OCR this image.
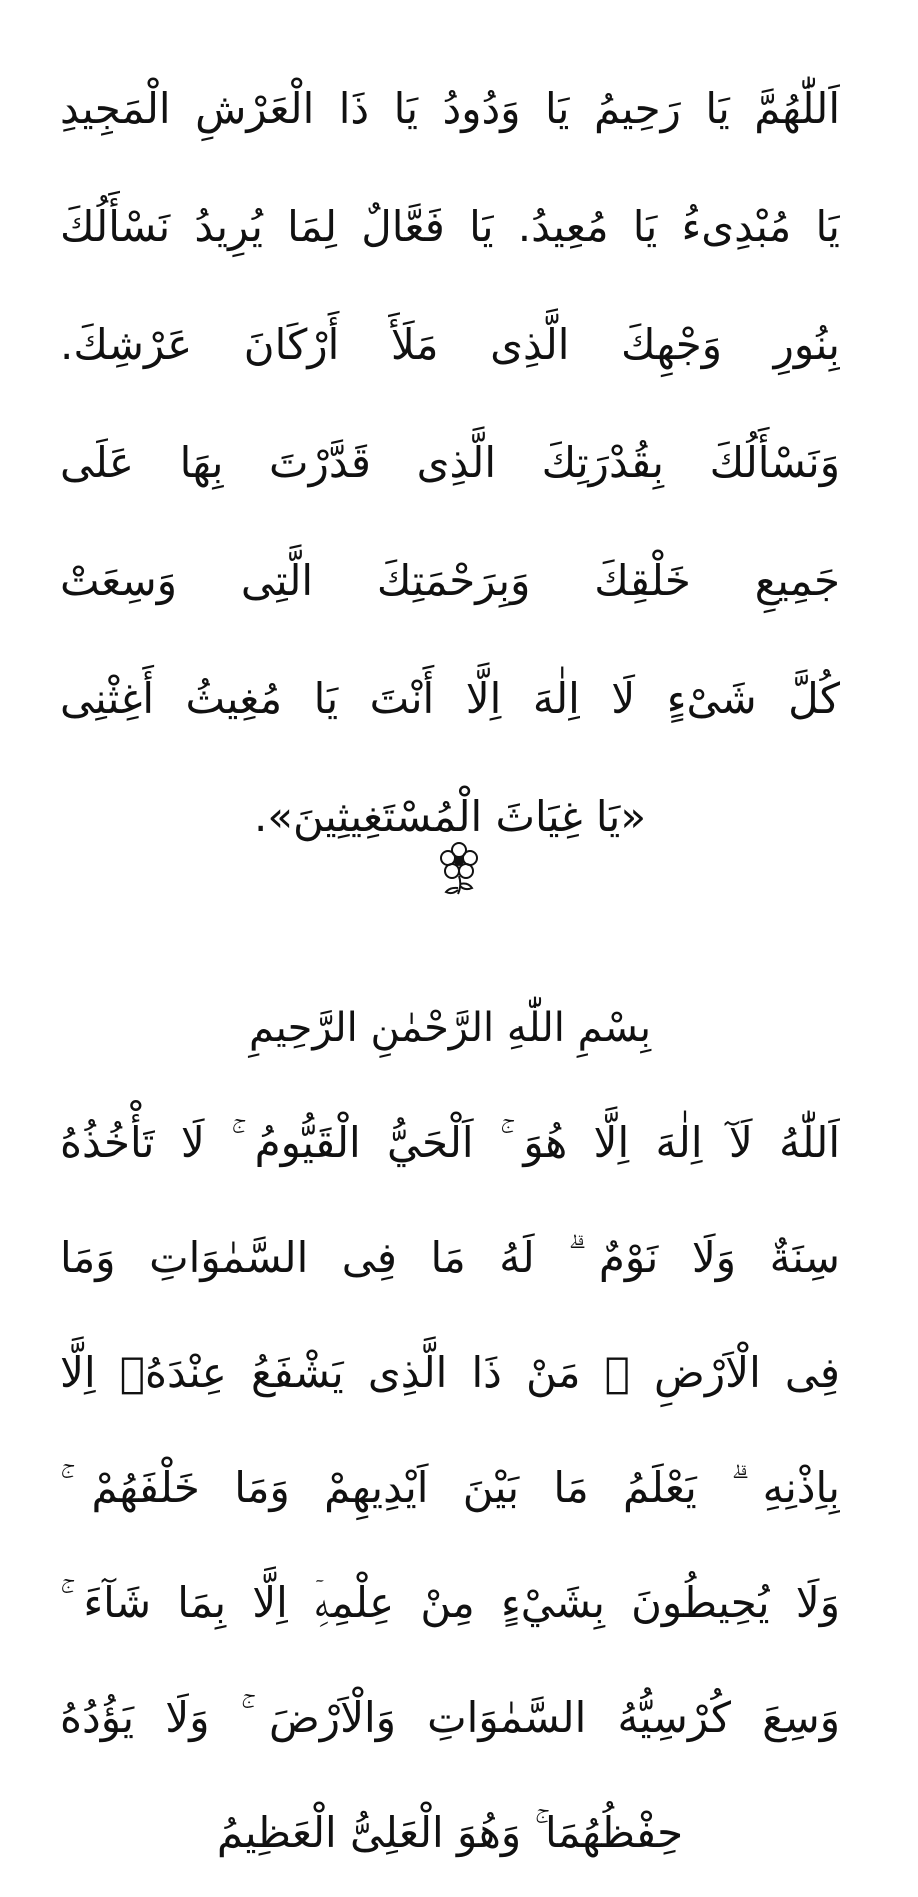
اَللّٰهُمَّ يَا رَحِيمُ يَا وَدُودُ يَا ذَا الْعَرْشِ الْمَجِيدِ
يَا مُبْدِىءُ يَا مُعِيدُ. يَا فَعَّالٌ لِمَا يُرِيدُ نَسْأَلُكَ
بِنُورِ وَجْهِكَ الَّذِى مَلَأَ أَرْكَانَ عَرْشِكَ.
وَنَسْأَلُكَ بِقُدْرَتِكَ الَّذِى قَدَّرْتَ بِهَا عَلَى
جَمِيعِ خَلْقِكَ وَبِرَحْمَتِكَ الَّتِى وَسِعَتْ
كُلَّ شَىْءٍ لَا اِلٰهَ اِلَّا أَنْتَ يَا مُغِيثُ أَغِثْنِى
«يَا غِيَاثَ الْمُسْتَغِيثِينَ».
بِسْمِ اللّٰهِ الرَّحْمٰنِ الرَّحِيمِ
اَللّٰهُ لَآ اِلٰهَ اِلَّا هُوَ ۚ اَلْحَيُّ الْقَيُّومُ ۚ لَا تَأْخُذُهُ
سِنَةٌ وَلَا نَوْمٌ ۗ لَهُ مَا فِى السَّمٰوَاتِ وَمَا
فِى الْاَرْضِ ۗ مَنْ ذَا الَّذِى يَشْفَعُ عِنْدَهُۤ اِلَّا
بِاِذْنِهِ ۗ يَعْلَمُ مَا بَيْنَ اَيْدِيهِمْ وَمَا خَلْفَهُمْ ۚ
وَلَا يُحِيطُونَ بِشَيْءٍ مِنْ عِلْمِهِۤ اِلَّا بِمَا شَآءَ ۚ
وَسِعَ كُرْسِيُّهُ السَّمٰوَاتِ وَالْاَرْضَ ۚ وَلَا يَؤُدُهُ
حِفْظُهُمَا ۚ وَهُوَ الْعَلِىُّ الْعَظِيمُ
